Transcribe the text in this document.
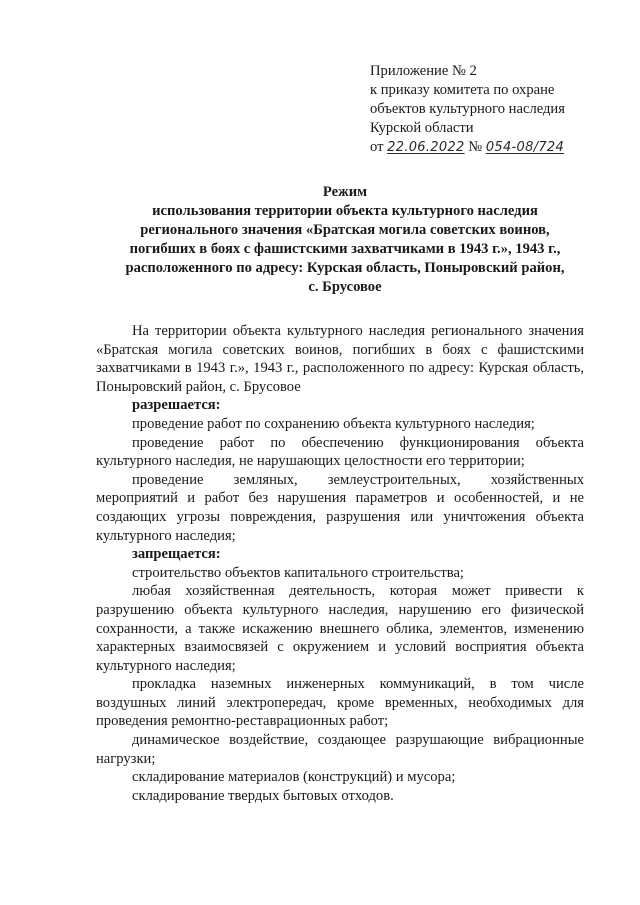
Приложение № 2
к приказу комитета по охране
объектов культурного наследия
Курской области
от 22.06.2022 № 054-08/724
Режим
использования территории объекта культурного наследия
регионального значения «Братская могила советских воинов,
погибших в боях с фашистскими захватчиками в 1943 г.», 1943 г.,
расположенного по адресу: Курская область, Поныровский район,
с. Брусовое

На территории объекта культурного наследия регионального значения «Братская могила советских воинов, погибших в боях с фашистскими захватчиками в 1943 г.», 1943 г., расположенного по адресу: Курская область, Поныровский район, с. Брусовое

разрешается:

проведение работ по сохранению объекта культурного наследия;

проведение работ по обеспечению функционирования объекта культурного наследия, не нарушающих целостности его территории;

проведение земляных, землеустроительных, хозяйственных мероприятий и работ без нарушения параметров и особенностей, и не создающих угрозы повреждения, разрушения или уничтожения объекта культурного наследия;

запрещается:

строительство объектов капитального строительства;

любая хозяйственная деятельность, которая может привести к разрушению объекта культурного наследия, нарушению его физической сохранности, а также искажению внешнего облика, элементов, изменению характерных взаимосвязей с окружением и условий восприятия объекта культурного наследия;

прокладка наземных инженерных коммуникаций, в том числе воздушных линий электропередач, кроме временных, необходимых для проведения ремонтно-реставрационных работ;

динамическое воздействие, создающее разрушающие вибрационные нагрузки;

складирование материалов (конструкций) и мусора;

складирование твердых бытовых отходов.
